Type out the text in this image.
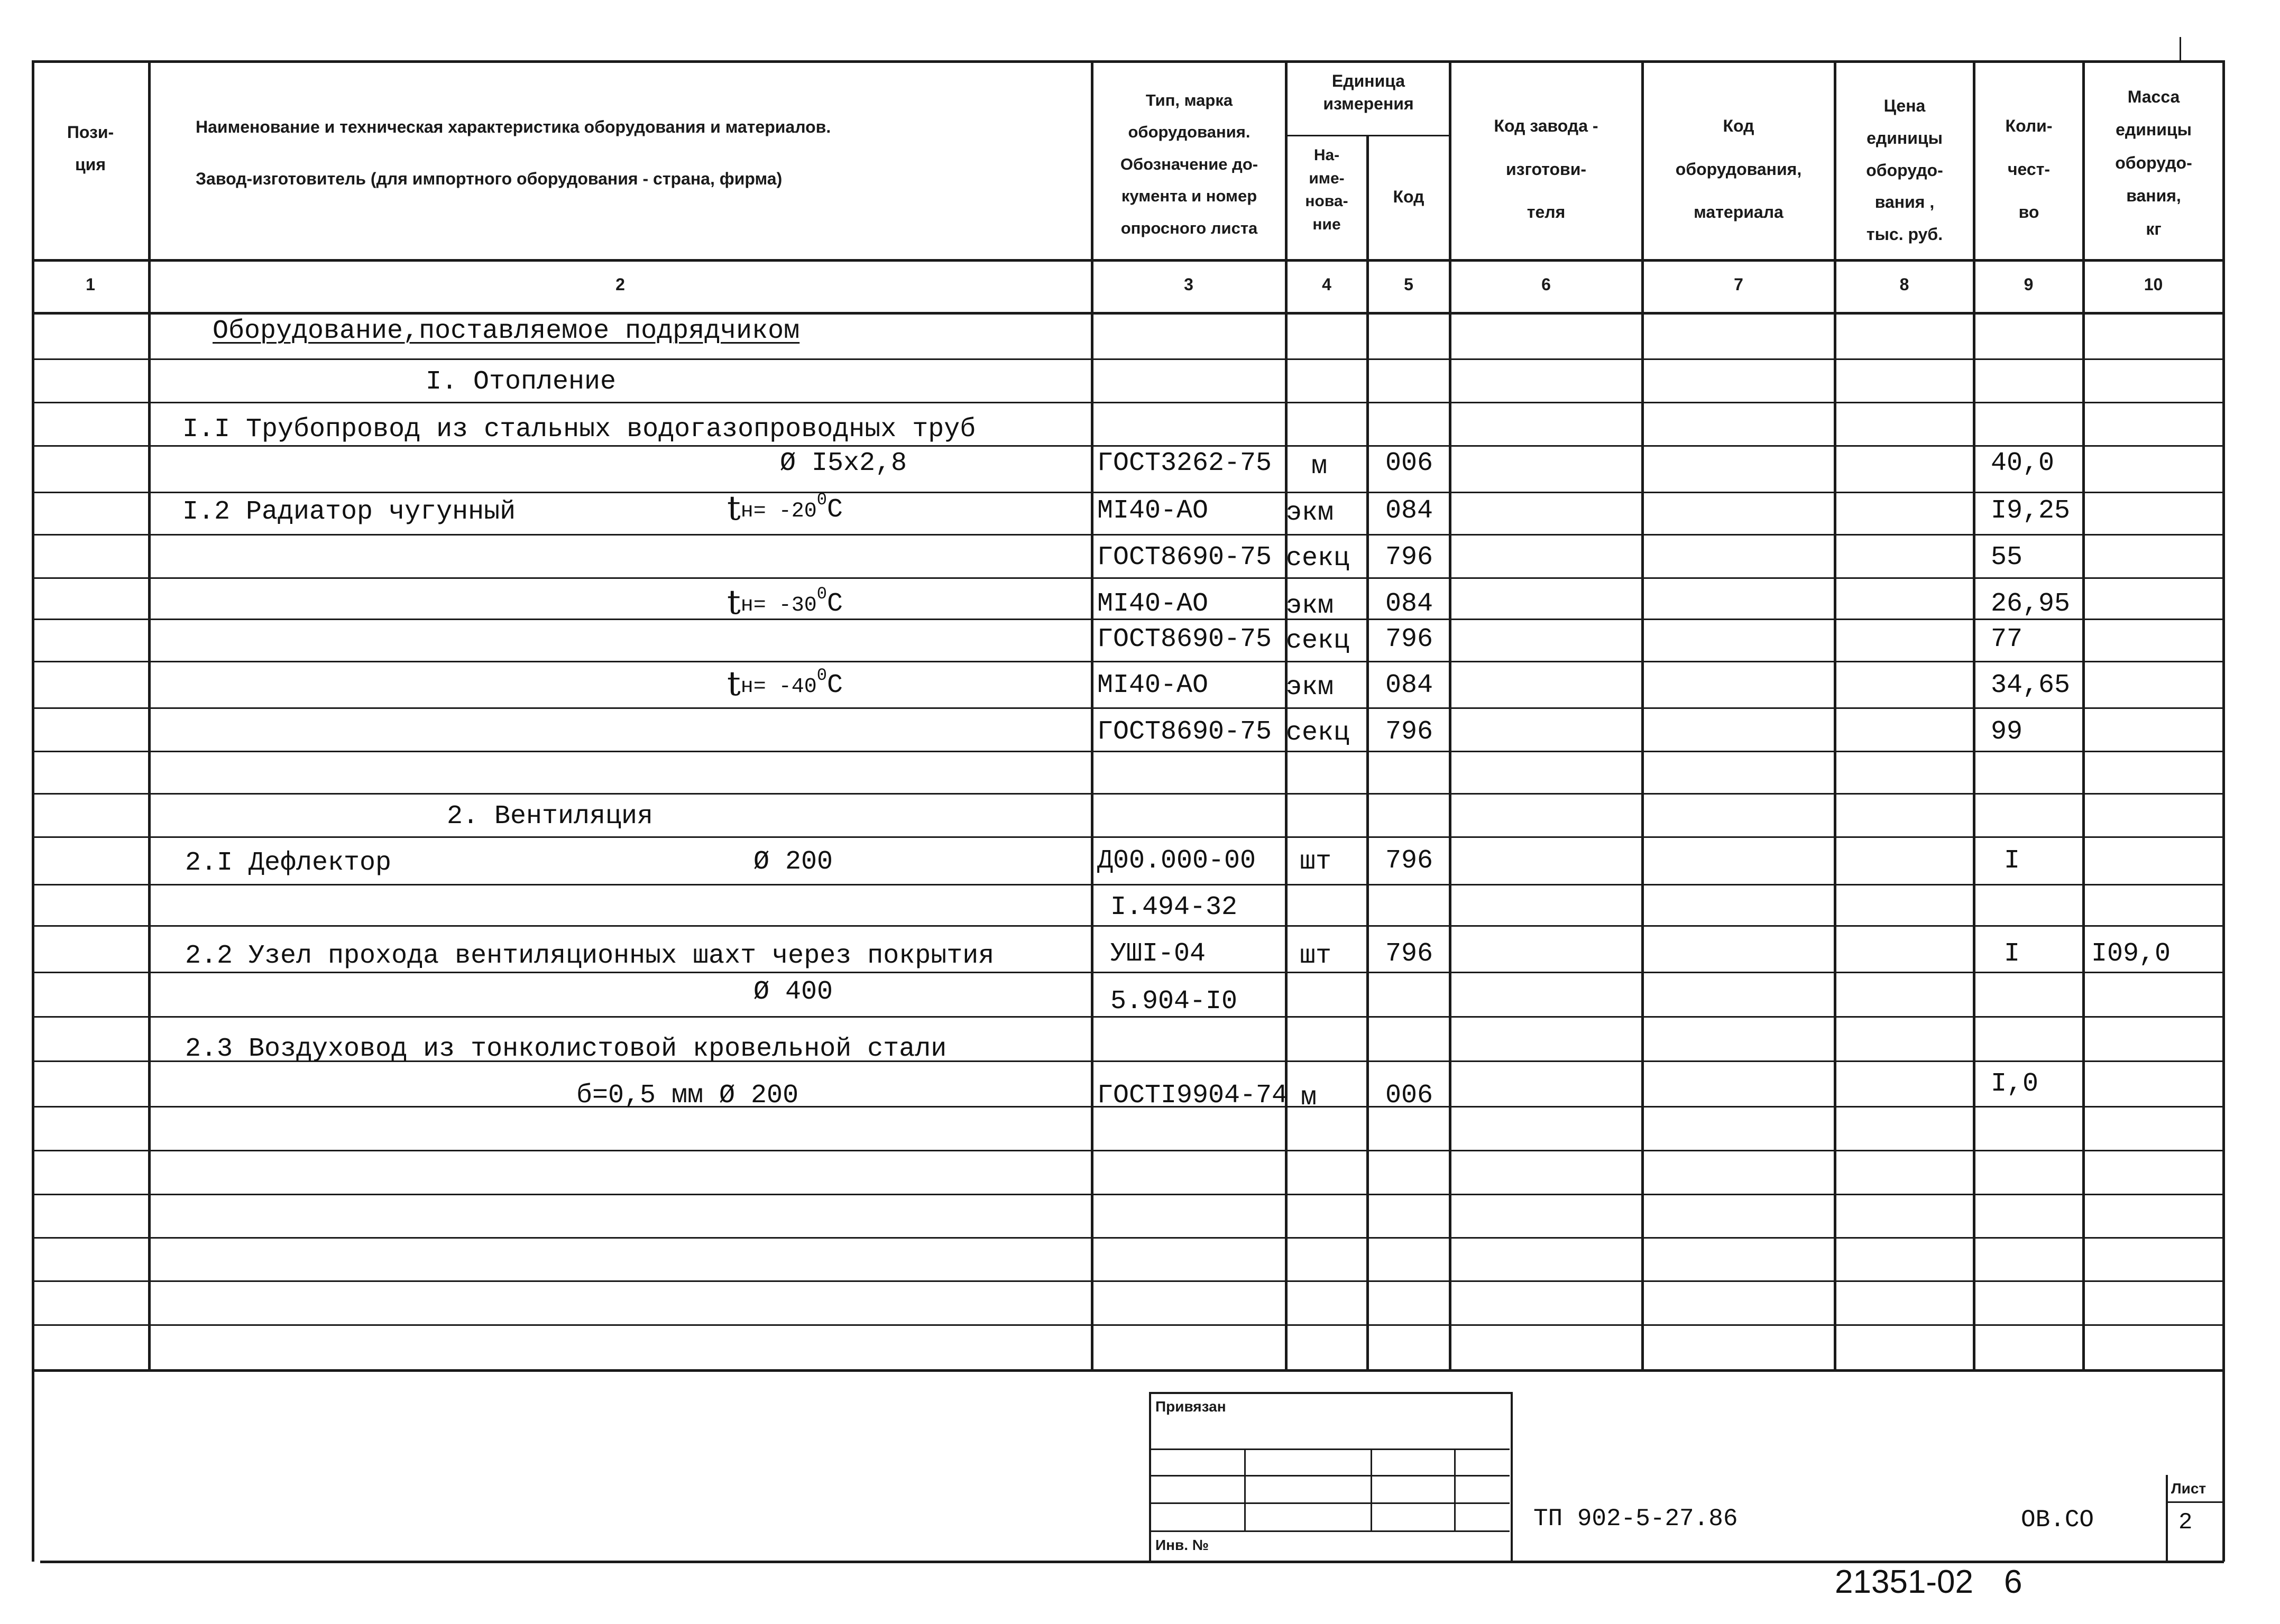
Пози-
ция
Наименование и техническая характеристика оборудования и материалов.
Завод-изготовитель (для импортного оборудования - страна, фирма)
Тип, марка
оборудования.
Обозначение до-
кумента и номер
опросного листа
Единица
измерения
На-
име-
нова-
ние
Код
Код завода -
изготови-
теля
Код
оборудования,
материала
Цена
единицы
оборудо-
вания ,
тыс. руб.
Коли-
чест-
во
Масса
единицы
оборудо-
вания,
кг
1	2	3	4	5	6	7	8	9	10
Оборудование,поставляемое подрядчиком
I. Отопление
I.I Трубопровод из стальных водогазопроводных труб
Ø I5x2,8	ГОСТ3262-75 м 006	40,0
I.2 Радиатор чугунный	$tн= -20^0С$	МI40-АО	экм 084	I9,25
ГОСТ8690-75 секц 796	55
$tн= -30^0С$	МI40-АО	экм 084	26,95
ГОСТ8690-75 секц 796	77
$tн= -40^0С$	МI40-АО	экм 084	34,65
ГОСТ8690-75 секц 796	99
2. Вентиляция
2.I Дефлектор	Ø 200	Д00.000-00 шт 796	I
I.494-32
2.2 Узел прохода вентиляционных шахт через покрытия	УШI-04	шт 796	I	I09,0
Ø 400	5.904-I0
2.3 Воздуховод из тонколистовой кровельной стали
б=0,5 мм Ø 200	ГОСТI9904-74 м	006	I,0
Привязан
Инв. №
Лист
2
ТП 902-5-27.86	ОВ.СО
21351-02 6
